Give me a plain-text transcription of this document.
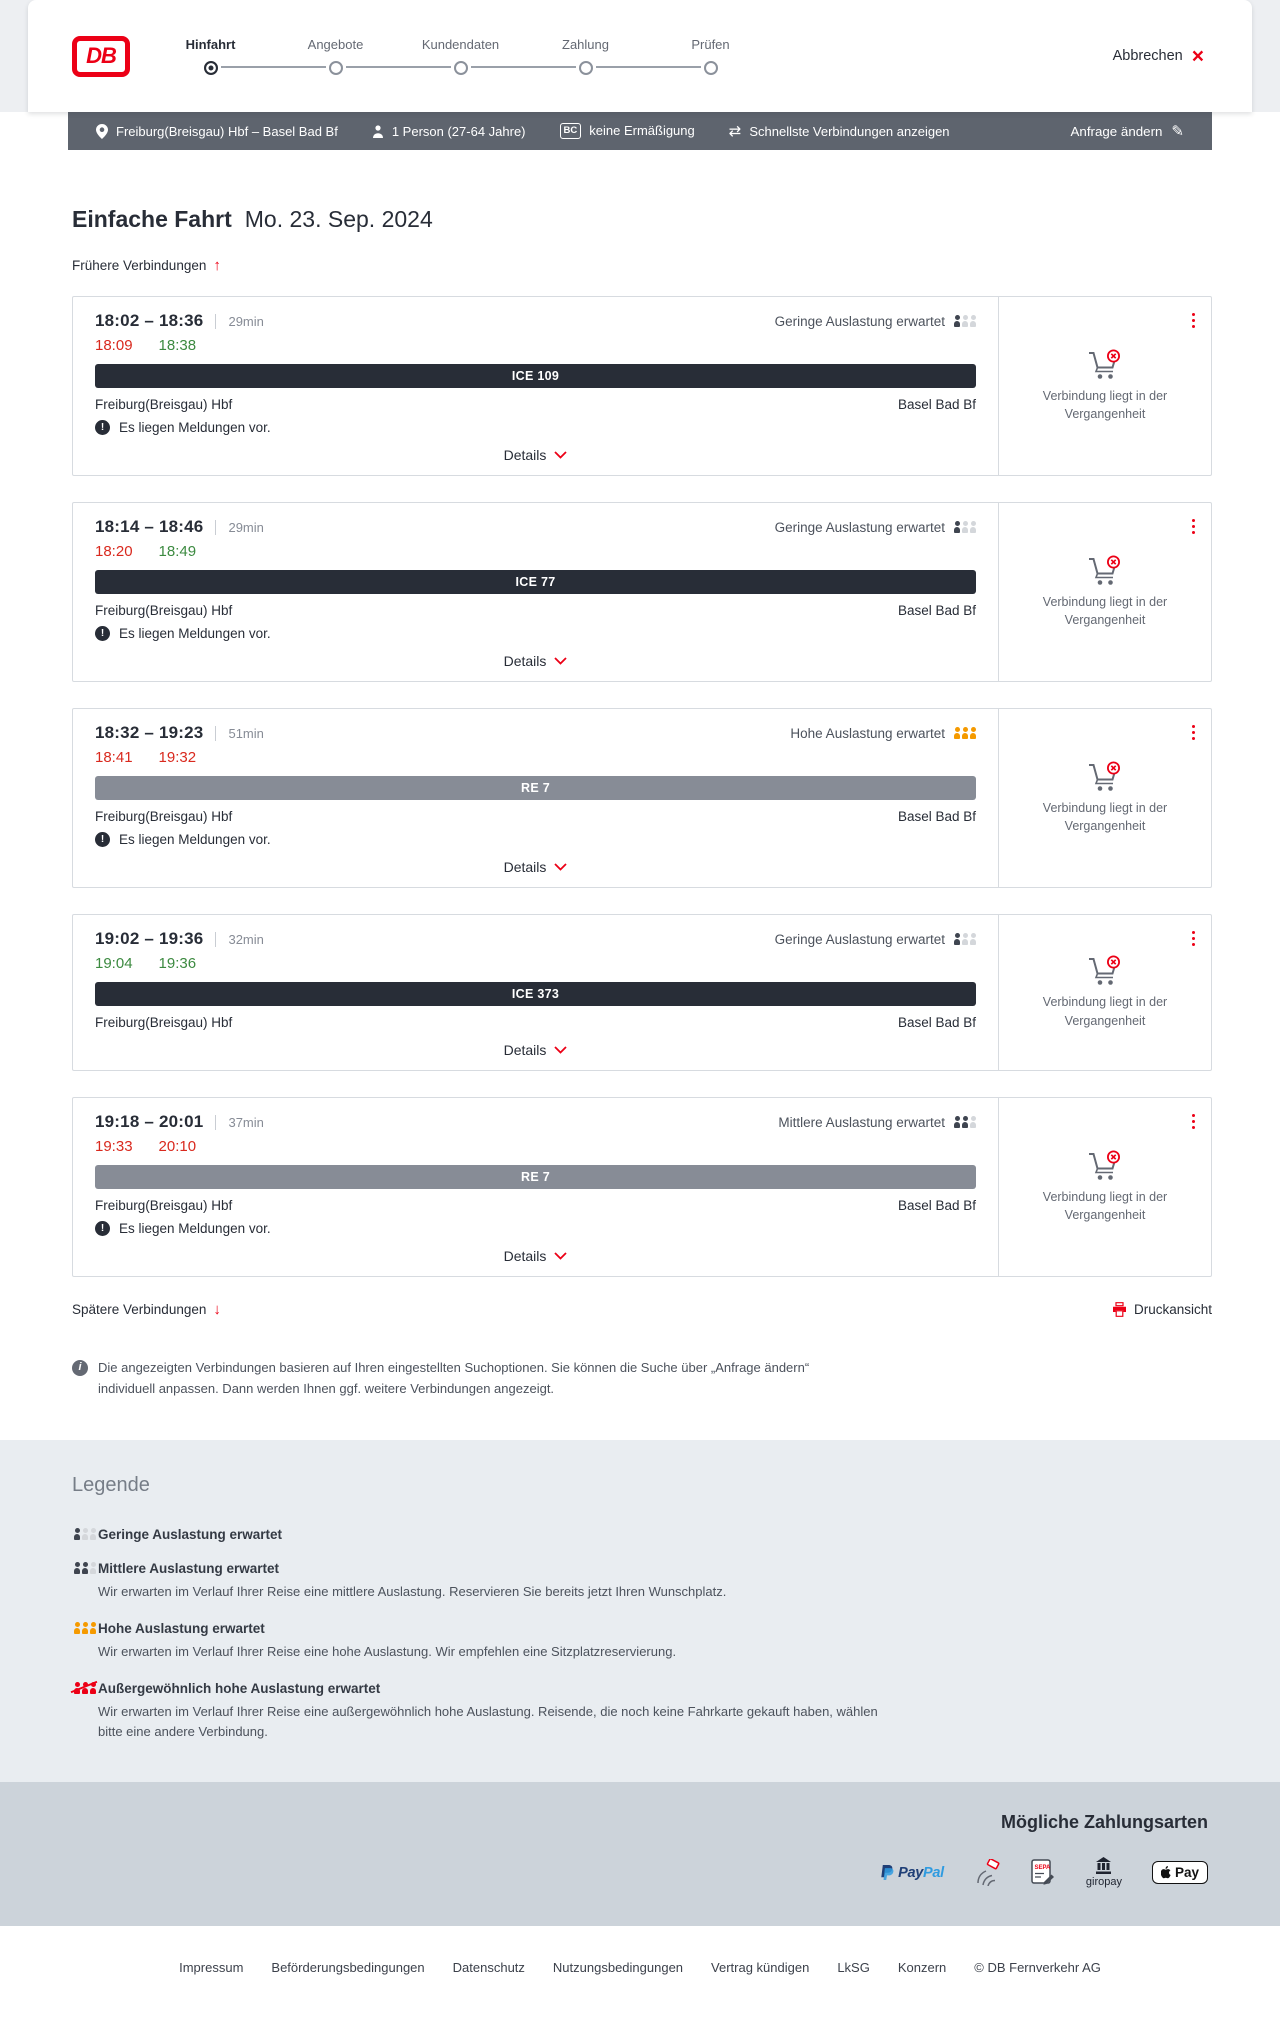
DB	Hinfahrt	Angebote	Kundendaten	Zahlung	Prüfen
Abbrechen
×
Freiburg(Breisgau) Hbf – Basel Bad Bf	1 Person (27-64 Jahre)	BC keine Ermäßigung ⇄	Schnellste Verbindungen anzeigen	Anfrage ändern
✎
Einfache Fahrt Mo. 23. Sep. 2024
Frühere Verbindungen
↑
18:02 – 18:36 29min	Geringe Auslastung erwartet
18:09 18:38
ICE 109
Freiburg(Breisgau) Hbf	Basel Bad Bf
!
Es liegen Meldungen vor.
Details

Verbindung liegt in der Vergangenheit

18:14 – 18:46 29min	Geringe Auslastung erwartet
18:20 18:49
ICE 77
Freiburg(Breisgau) Hbf	Basel Bad Bf
!
Es liegen Meldungen vor.
Details

Verbindung liegt in der Vergangenheit

18:32 – 19:23 51min	Hohe Auslastung erwartet
18:41 19:32
RE 7
Freiburg(Breisgau) Hbf	Basel Bad Bf
!
Es liegen Meldungen vor.
Details

Verbindung liegt in der Vergangenheit

19:02 – 19:36 32min	Geringe Auslastung erwartet
19:04 19:36
ICE 373
Freiburg(Breisgau) Hbf	Basel Bad Bf
Details

Verbindung liegt in der Vergangenheit

19:18 – 20:01 37min	Mittlere Auslastung erwartet
19:33 20:10
RE 7
Freiburg(Breisgau) Hbf	Basel Bad Bf
!
Es liegen Meldungen vor.
Details

Verbindung liegt in der Vergangenheit

Spätere Verbindungen ↓	Druckansicht
i

Die angezeigten Verbindungen basieren auf Ihren eingestellten Suchoptionen. Sie können die Suche über „Anfrage ändern“ individuell anpassen. Dann werden Ihnen ggf. weitere Verbindungen angezeigt.

Legende
Geringe Auslastung erwartet
Mittlere Auslastung erwartet

Wir erwarten im Verlauf Ihrer Reise eine mittlere Auslastung. Reservieren Sie bereits jetzt Ihren Wunschplatz.

Hohe Auslastung erwartet

Wir erwarten im Verlauf Ihrer Reise eine hohe Auslastung. Wir empfehlen eine Sitzplatzreservierung.

Außergewöhnlich hohe Auslastung erwartet

Wir erwarten im Verlauf Ihrer Reise eine außergewöhnlich hohe Auslastung. Reisende, die noch keine Fahrkarte gekauft haben, wählen bitte eine andere Verbindung.

Mögliche Zahlungsarten
PayPal	SEPA
giropay
Pay
Impressum Beförderungsbedingungen Datenschutz Nutzungsbedingungen Vertrag kündigen LkSG Konzern © DB Fernverkehr AG
